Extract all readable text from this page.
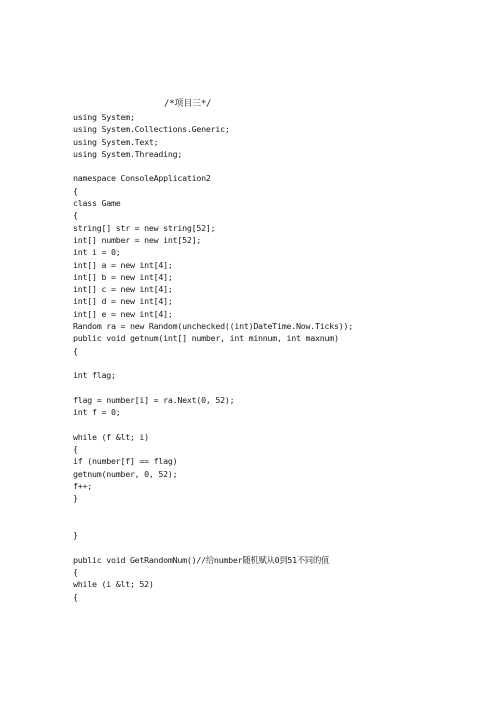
/*项目三*/
using System;
using System.Collections.Generic;
using System.Text;
using System.Threading;
namespace ConsoleApplication2
{
class Game
{
string[] str = new string[52];
int[] number = new int[52];
int i = 0;
int[] a = new int[4];
int[] b = new int[4];
int[] c = new int[4];
int[] d = new int[4];
int[] e = new int[4];
Random ra = new Random(unchecked((int)DateTime.Now.Ticks));
public void getnum(int[] number, int minnum, int maxnum)
{
int flag;
flag = number[i] = ra.Next(0, 52);
int f = 0;
while (f &lt; i)
{
if (number[f] == flag)
getnum(number, 0, 52);
f++;
}
}
public void GetRandomNum()//给number随机赋从0到51不同的值
{
while (i &lt; 52)
{
